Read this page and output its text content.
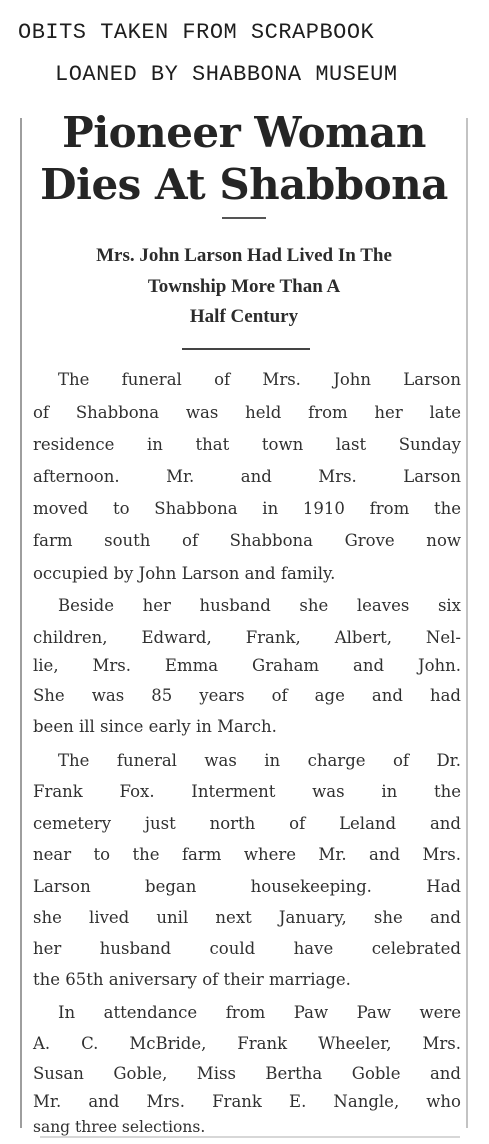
OBITS TAKEN FROM SCRAPBOOK
LOANED BY SHABBONA MUSEUM
Pioneer Woman
Dies At Shabbona
Mrs. John Larson Had Lived In The
Township More Than A
Half Century
The funeral of Mrs. John Larson
of Shabbona was held from her late
residence in that town last Sunday
afternoon. Mr. and Mrs. Larson
moved to Shabbona in 1910 from the
farm south of Shabbona Grove now
occupied by John Larson and family.
Beside her husband she leaves six
children, Edward, Frank, Albert, Nel-
lie, Mrs. Emma Graham and John.
She was 85 years of age and had
been ill since early in March.
The funeral was in charge of Dr.
Frank Fox. Interment was in the
cemetery just north of Leland and
near to the farm where Mr. and Mrs.
Larson began housekeeping. Had
she lived unil next January, she and
her husband could have celebrated
the 65th aniversary of their marriage.
In attendance from Paw Paw were
A. C. McBride, Frank Wheeler, Mrs.
Susan Goble, Miss Bertha Goble and
Mr. and Mrs. Frank E. Nangle, who
sang three selections.
